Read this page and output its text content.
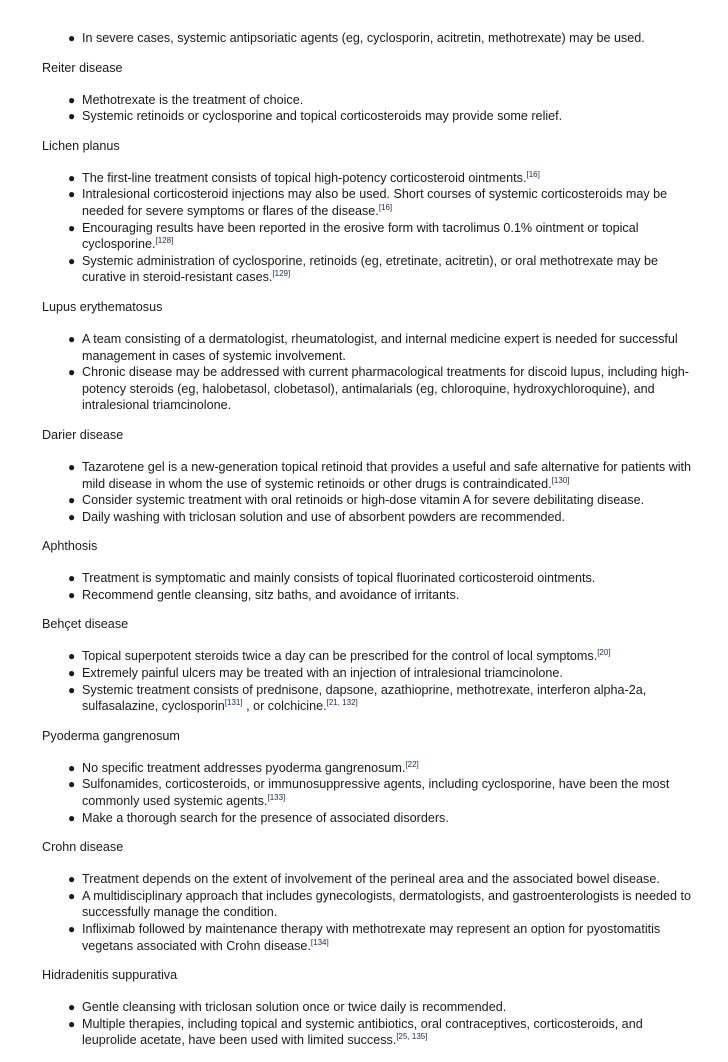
● In severe cases, systemic antipsoriatic agents (eg, cyclosporin, acitretin, methotrexate) may be used.

Reiter disease

● Methotrexate is the treatment of choice.
● Systemic retinoids or cyclosporine and topical corticosteroids may provide some relief.

Lichen planus

● The first-line treatment consists of topical high-potency corticosteroid ointments.[16]
● Intralesional corticosteroid injections may also be used. Short courses of systemic corticosteroids may be needed for severe symptoms or flares of the disease.[16]
● Encouraging results have been reported in the erosive form with tacrolimus 0.1% ointment or topical cyclosporine.[128]
● Systemic administration of cyclosporine, retinoids (eg, etretinate, acitretin), or oral methotrexate may be curative in steroid-resistant cases.[129]

Lupus erythematosus

● A team consisting of a dermatologist, rheumatologist, and internal medicine expert is needed for successful management in cases of systemic involvement.
● Chronic disease may be addressed with current pharmacological treatments for discoid lupus, including high-potency steroids (eg, halobetasol, clobetasol), antimalarials (eg, chloroquine, hydroxychloroquine), and intralesional triamcinolone.

Darier disease

● Tazarotene gel is a new-generation topical retinoid that provides a useful and safe alternative for patients with mild disease in whom the use of systemic retinoids or other drugs is contraindicated.[130]
● Consider systemic treatment with oral retinoids or high-dose vitamin A for severe debilitating disease.
● Daily washing with triclosan solution and use of absorbent powders are recommended.

Aphthosis

● Treatment is symptomatic and mainly consists of topical fluorinated corticosteroid ointments.
● Recommend gentle cleansing, sitz baths, and avoidance of irritants.

Behçet disease

● Topical superpotent steroids twice a day can be prescribed for the control of local symptoms.[20]
● Extremely painful ulcers may be treated with an injection of intralesional triamcinolone.
● Systemic treatment consists of prednisone, dapsone, azathioprine, methotrexate, interferon alpha-2a, sulfasalazine, cyclosporin[131] , or colchicine.[21, 132]

Pyoderma gangrenosum

● No specific treatment addresses pyoderma gangrenosum.[22]
● Sulfonamides, corticosteroids, or immunosuppressive agents, including cyclosporine, have been the most commonly used systemic agents.[133]
● Make a thorough search for the presence of associated disorders.

Crohn disease

● Treatment depends on the extent of involvement of the perineal area and the associated bowel disease.
● A multidisciplinary approach that includes gynecologists, dermatologists, and gastroenterologists is needed to successfully manage the condition.
● Infliximab followed by maintenance therapy with methotrexate may represent an option for pyostomatitis vegetans associated with Crohn disease.[134]

Hidradenitis suppurativa

● Gentle cleansing with triclosan solution once or twice daily is recommended.
● Multiple therapies, including topical and systemic antibiotics, oral contraceptives, corticosteroids, and leuprolide acetate, have been used with limited success.[25, 135]
